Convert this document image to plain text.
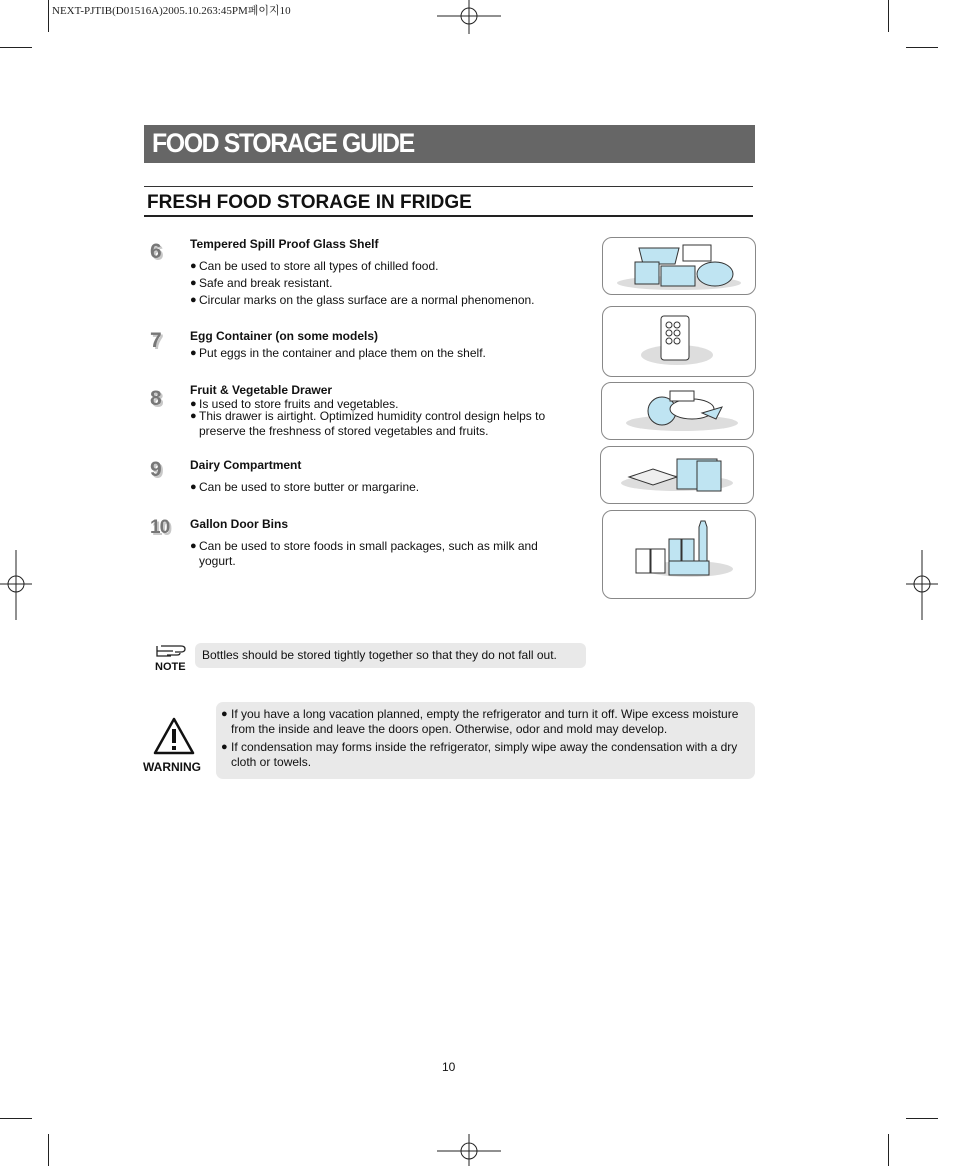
NEXT-PJTIB(D01516A)2005.10.263:45PM페이지10
FOOD STORAGE GUIDE
FRESH FOOD STORAGE IN FRIDGE
6	Tempered Spill Proof Glass Shelf
● Can be used to store all types of chilled food.
● Safe and break resistant.
● Circular marks on the glass surface are a normal phenomenon.
7	Egg Container (on some models)
● Put eggs in the container and place them on the shelf.
8	Fruit & Vegetable Drawer
● Is used to store fruits and vegetables.
● This drawer is airtight. Optimized humidity control design helps to preserve the freshness of stored vegetables and fruits.
9	Dairy Compartment
● Can be used to store butter or margarine.
10	Gallon Door Bins
● Can be used to store foods in small packages, such as milk and yogurt.
NOTE
Bottles should be stored tightly together so that they do not fall out.
WARNING
● If you have a long vacation planned, empty the refrigerator and turn it off. Wipe excess moisture from the inside and leave the doors open. Otherwise, odor and mold may develop.
● If condensation may forms inside the refrigerator, simply wipe away the condensation with a dry cloth or towels.
10
